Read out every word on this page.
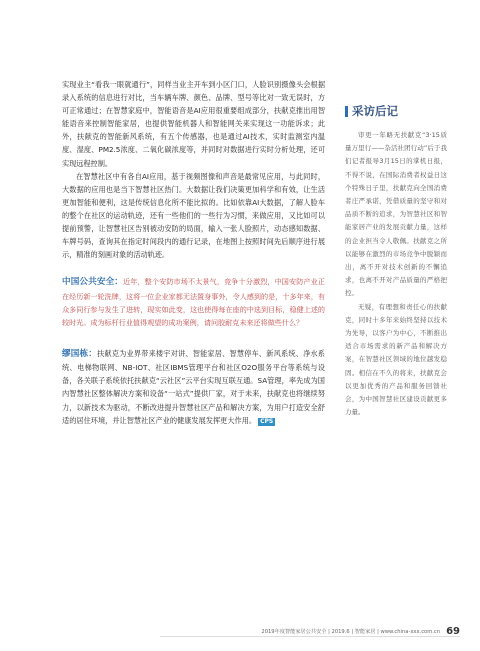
实现业主“看我一眼就通行”，同样当业主开车到小区门口，人脸识别摄像头会根据录入系统的信息进行对比，当车辆车牌、颜色、品牌、型号等比对一致无误时，方可正常通过；在智慧家庭中，智能语音是AI应用很重要组成部分，扶献克推出用智能语音来控制智能家居，也提供智能机器人和智能网关来实现这一功能诉求；此外，扶献克的智能新风系统，有五个传感器，也是通过AI技术，实时监测室内温度、湿度、PM2.5浓度、二氧化碳浓度等，并同时对数据进行实时分析处理，还可实现远程控制。

在智慧社区中有各自AI应用，基于视频图像和声音是最常见应用，与此同时，大数据的应用也是当下智慧社区热门。大数据让我们决策更加科学和有效，让生活更加智能和便利，这是传统信息化所不能比拟的。比如依靠AI大数据，了解人脸车的整个在社区的运动轨迹，还有一些他们的一些行为习惯，来做应用，又比如可以提前预警，让智慧社区告别被动安防的局面，输入一张人脸照片，动态感知数据、车牌号码，查询其在指定时间段内的通行记录，在地图上按照时间先后顺序进行展示，精准的刻画对象的活动轨迹。

中国公共安全：近年，整个安防市场不太景气，竞争十分激烈，中国安防产业正在经历新一轮洗牌，这将一位企业家都无法置身事外，令人感到的是，十多年来，有众多同行参与发生了进转，现实如此变，这也使得每在座的中选到目标，稳健上述的较时光。成为标杆行业值得观望的成功案例，请问胶耐克未来还将做些什么？
缪国栋：扶献克为业界带来楼宇对讲、智能家居、智慧停车、新风系统、净水系统、电梯物联网、NB-IOT、社区IBMS管理平台和社区O2O服务平台等系统与设备，各关联子系统依托扶献克“云社区”云平台实现互联互通。SA管理，率先成为国内智慧社区整体解决方案和设备“一站式”提供厂家，对于未来，扶献克也将继续努力，以新技术为驱动，不断改进提升智慧社区产品和解决方案，为用户打造安全舒适的居住环境，并让智慧社区产业的健康发展发挥更大作用。 CPS
采访后记

审更一年略无扶献克“3·15质量万里行——杂活社团行动”后于我们记者报导3月15日的掌机日报，不得不说，在国际消费者权益日这个特殊日子里，扶献克向全国消费者庄严承诺，凭借质量的坚守和对品质不断的追求，为智慧社区和智能家居产业的发展贡献力量，这样的企业担当令人敬佩。扶献克之所以能够在激烈的市场竞争中脱颖而出，离不开对技术创新的不懈追求，也离不开对产品质量的严格把控。

无疑，有理想和责任心的扶献克，同时十多年来始终坚持以技术为先导，以客户为中心，不断推出适合市场需求的新产品和解决方案，在智慧社区领域的地位越发稳固。相信在不久的将来，扶献克会以更加优秀的产品和服务回馈社会，为中国智慧社区建设贡献更多力量。

2019年度智能家居公共安全 | 2019.6 | 智能家居 | www.china-xxx.com.cn 69
